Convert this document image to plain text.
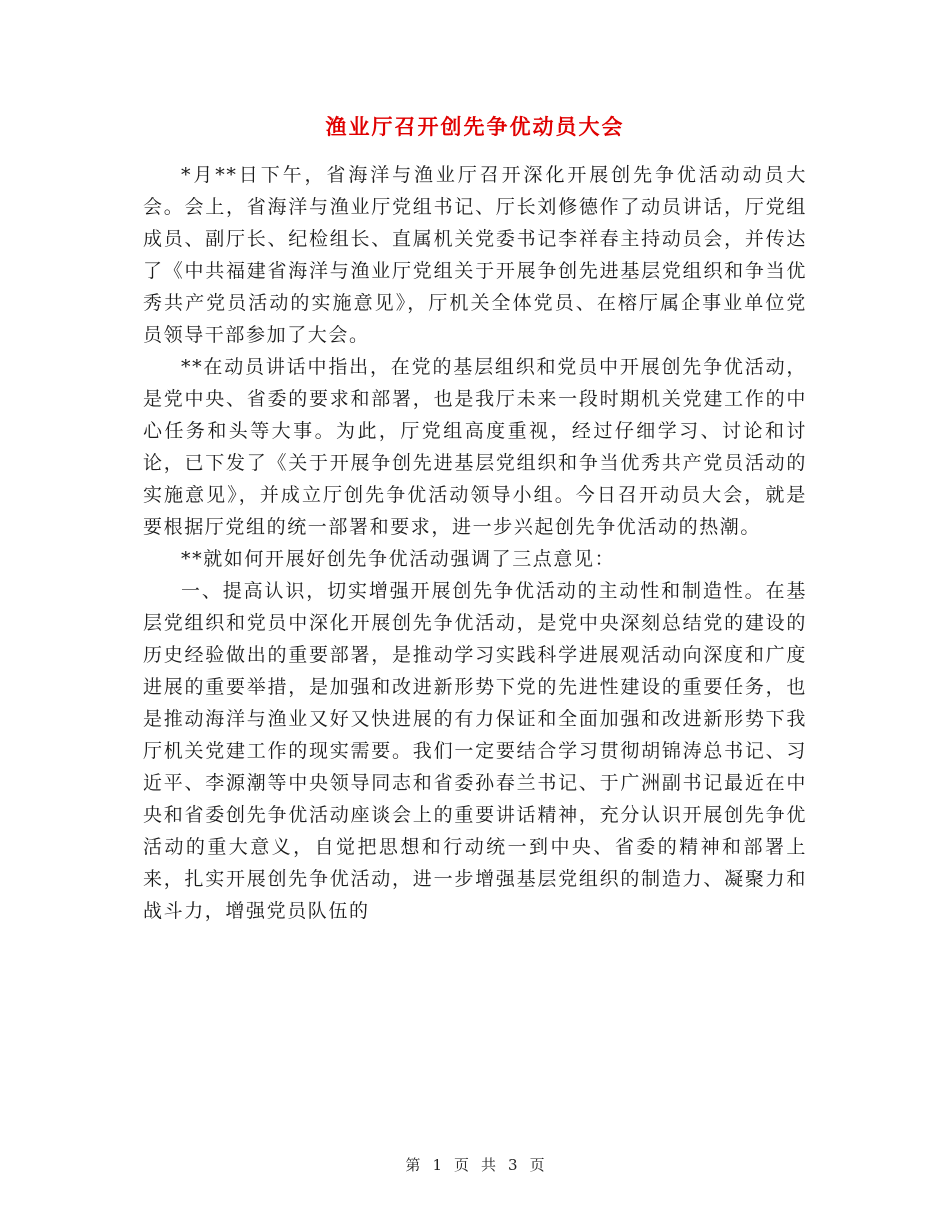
渔业厅召开创先争优动员大会

*月**日下午，省海洋与渔业厅召开深化开展创先争优活动动员大会。会上，省海洋与渔业厅党组书记、厅长刘修德作了动员讲话，厅党组成员、副厅长、纪检组长、直属机关党委书记李祥春主持动员会，并传达了《中共福建省海洋与渔业厅党组关于开展争创先进基层党组织和争当优秀共产党员活动的实施意见》，厅机关全体党员、在榕厅属企事业单位党员领导干部参加了大会。

**在动员讲话中指出，在党的基层组织和党员中开展创先争优活动，是党中央、省委的要求和部署，也是我厅未来一段时期机关党建工作的中心任务和头等大事。为此，厅党组高度重视，经过仔细学习、讨论和讨论，已下发了《关于开展争创先进基层党组织和争当优秀共产党员活动的实施意见》，并成立厅创先争优活动领导小组。今日召开动员大会，就是要根据厅党组的统一部署和要求，进一步兴起创先争优活动的热潮。

**就如何开展好创先争优活动强调了三点意见：

一、提高认识，切实增强开展创先争优活动的主动性和制造性。在基层党组织和党员中深化开展创先争优活动，是党中央深刻总结党的建设的历史经验做出的重要部署，是推动学习实践科学进展观活动向深度和广度进展的重要举措，是加强和改进新形势下党的先进性建设的重要任务，也是推动海洋与渔业又好又快进展的有力保证和全面加强和改进新形势下我厅机关党建工作的现实需要。我们一定要结合学习贯彻胡锦涛总书记、习近平、李源潮等中央领导同志和省委孙春兰书记、于广洲副书记最近在中央和省委创先争优活动座谈会上的重要讲话精神，充分认识开展创先争优活动的重大意义，自觉把思想和行动统一到中央、省委的精神和部署上来，扎实开展创先争优活动，进一步增强基层党组织的制造力、凝聚力和战斗力，增强党员队伍的

第 1 页 共 3 页
